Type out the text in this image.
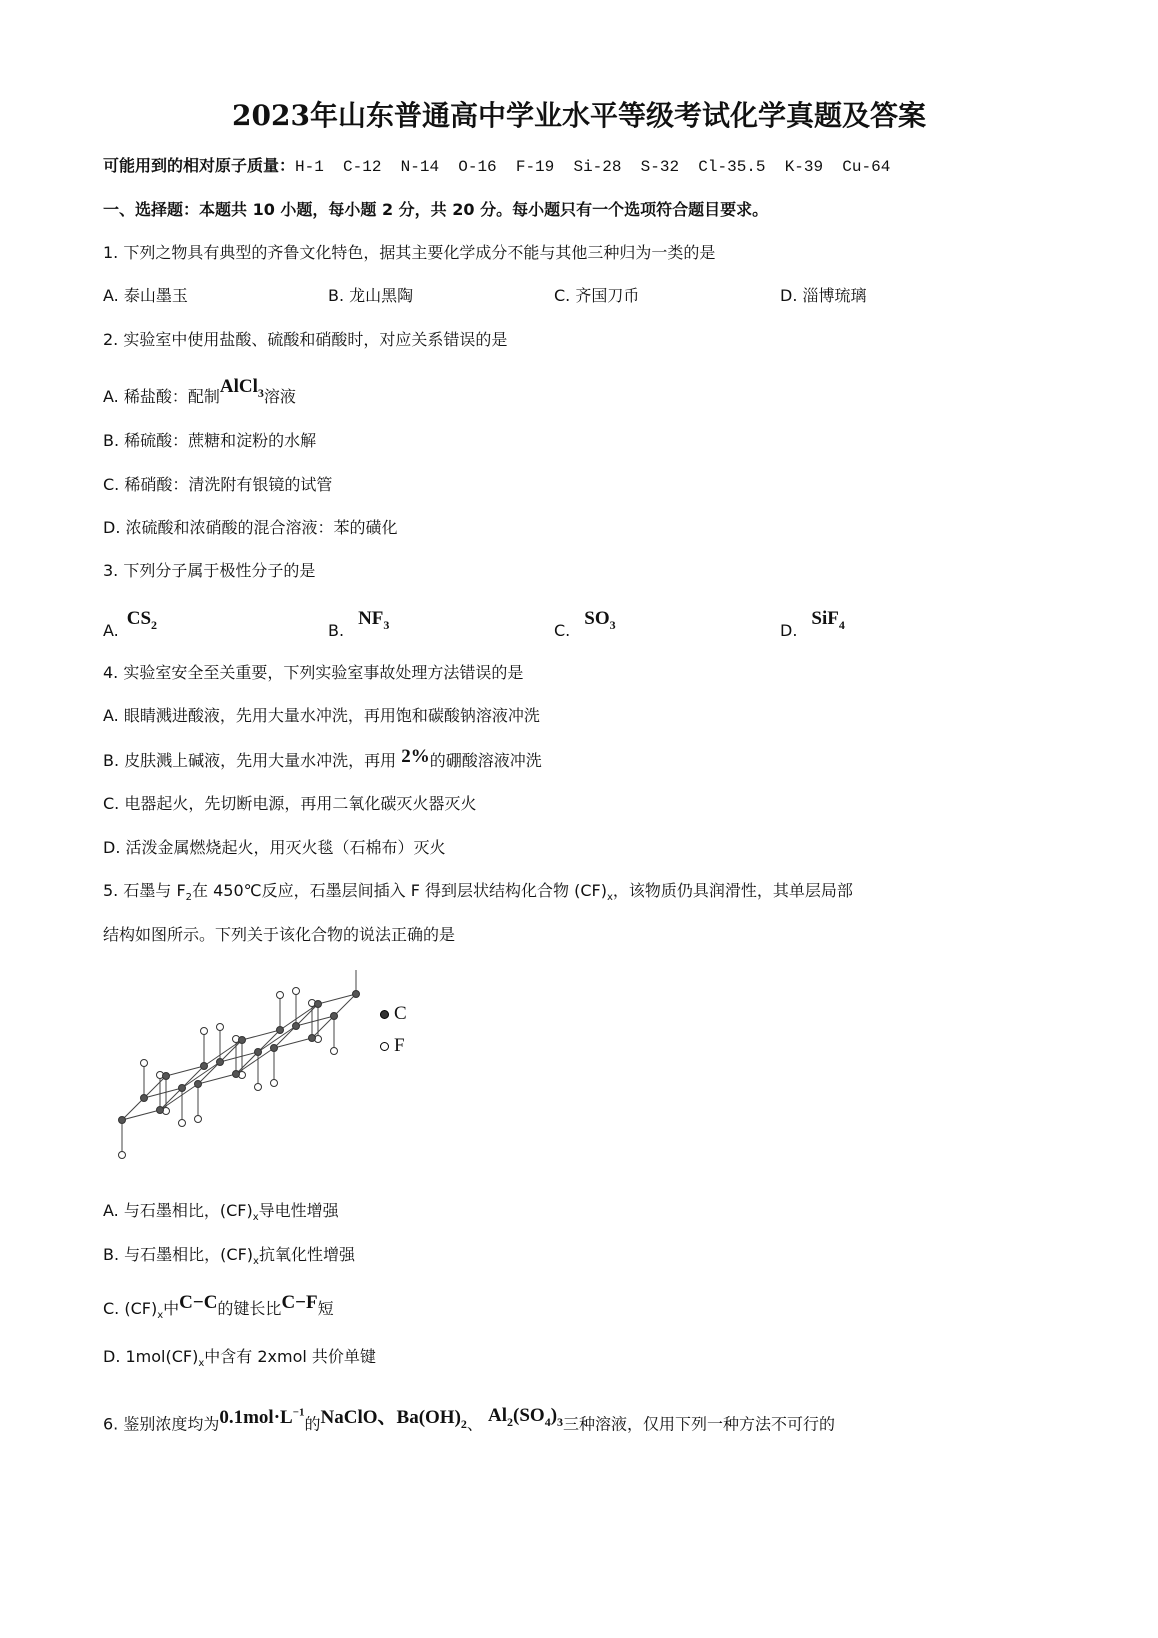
2023年山东普通高中学业水平等级考试化学真题及答案
可能用到的相对原子质量：H-1  C-12  N-14  O-16  F-19  Si-28  S-32  Cl-35.5  K-39  Cu-64
一、选择题：本题共 10 小题，每小题 2 分，共 20 分。每小题只有一个选项符合题目要求。
1. 下列之物具有典型的齐鲁文化特色，据其主要化学成分不能与其他三种归为一类的是
A. 泰山墨玉	B. 龙山黑陶	C. 齐国刀币	D. 淄博琉璃
2. 实验室中使用盐酸、硫酸和硝酸时，对应关系错误的是
A. 稀盐酸：配制AlCl$_3$溶液
B. 稀硫酸：蔗糖和淀粉的水解
C. 稀硝酸：清洗附有银镜的试管
D. 浓硫酸和浓硝酸的混合溶液：苯的磺化
3. 下列分子属于极性分子的是
$A.CS_2$	$B.NF_3$	$C.SO_3$	D.SiF$_4$
4. 实验室安全至关重要，下列实验室事故处理方法错误的是
A. 眼睛溅进酸液，先用大量水冲洗，再用饱和碳酸钠溶液冲洗
B. 皮肤溅上碱液，先用大量水冲洗，再用 2%的硼酸溶液冲洗
C. 电器起火，先切断电源，再用二氧化碳灭火器灭火
D. 活泼金属燃烧起火，用灭火毯（石棉布）灭火
5. 石墨与 $F_2$在 450℃反应，石墨层间插入 F 得到层状结构化合物 $(CF)_x$，该物质仍具润滑性，其单层局部
结构如图所示。下列关于该化合物的说法正确的是
C
F
A. 与石墨相比，$(CF)_x$导电性增强
B. 与石墨相比，$(CF)_x$抗氧化性增强
C. $(CF)_x$中C−C的键长比C−F短
D. $1mol(CF)_x$中含有 2xmol 共价单键
6. 鉴别浓度均为$0.1mol\cdot L^{-1}$的NaClO、$Ba(OH)_2$、 $Al_2(SO_4)_3$三种溶液，仅用下列一种方法不可行的
